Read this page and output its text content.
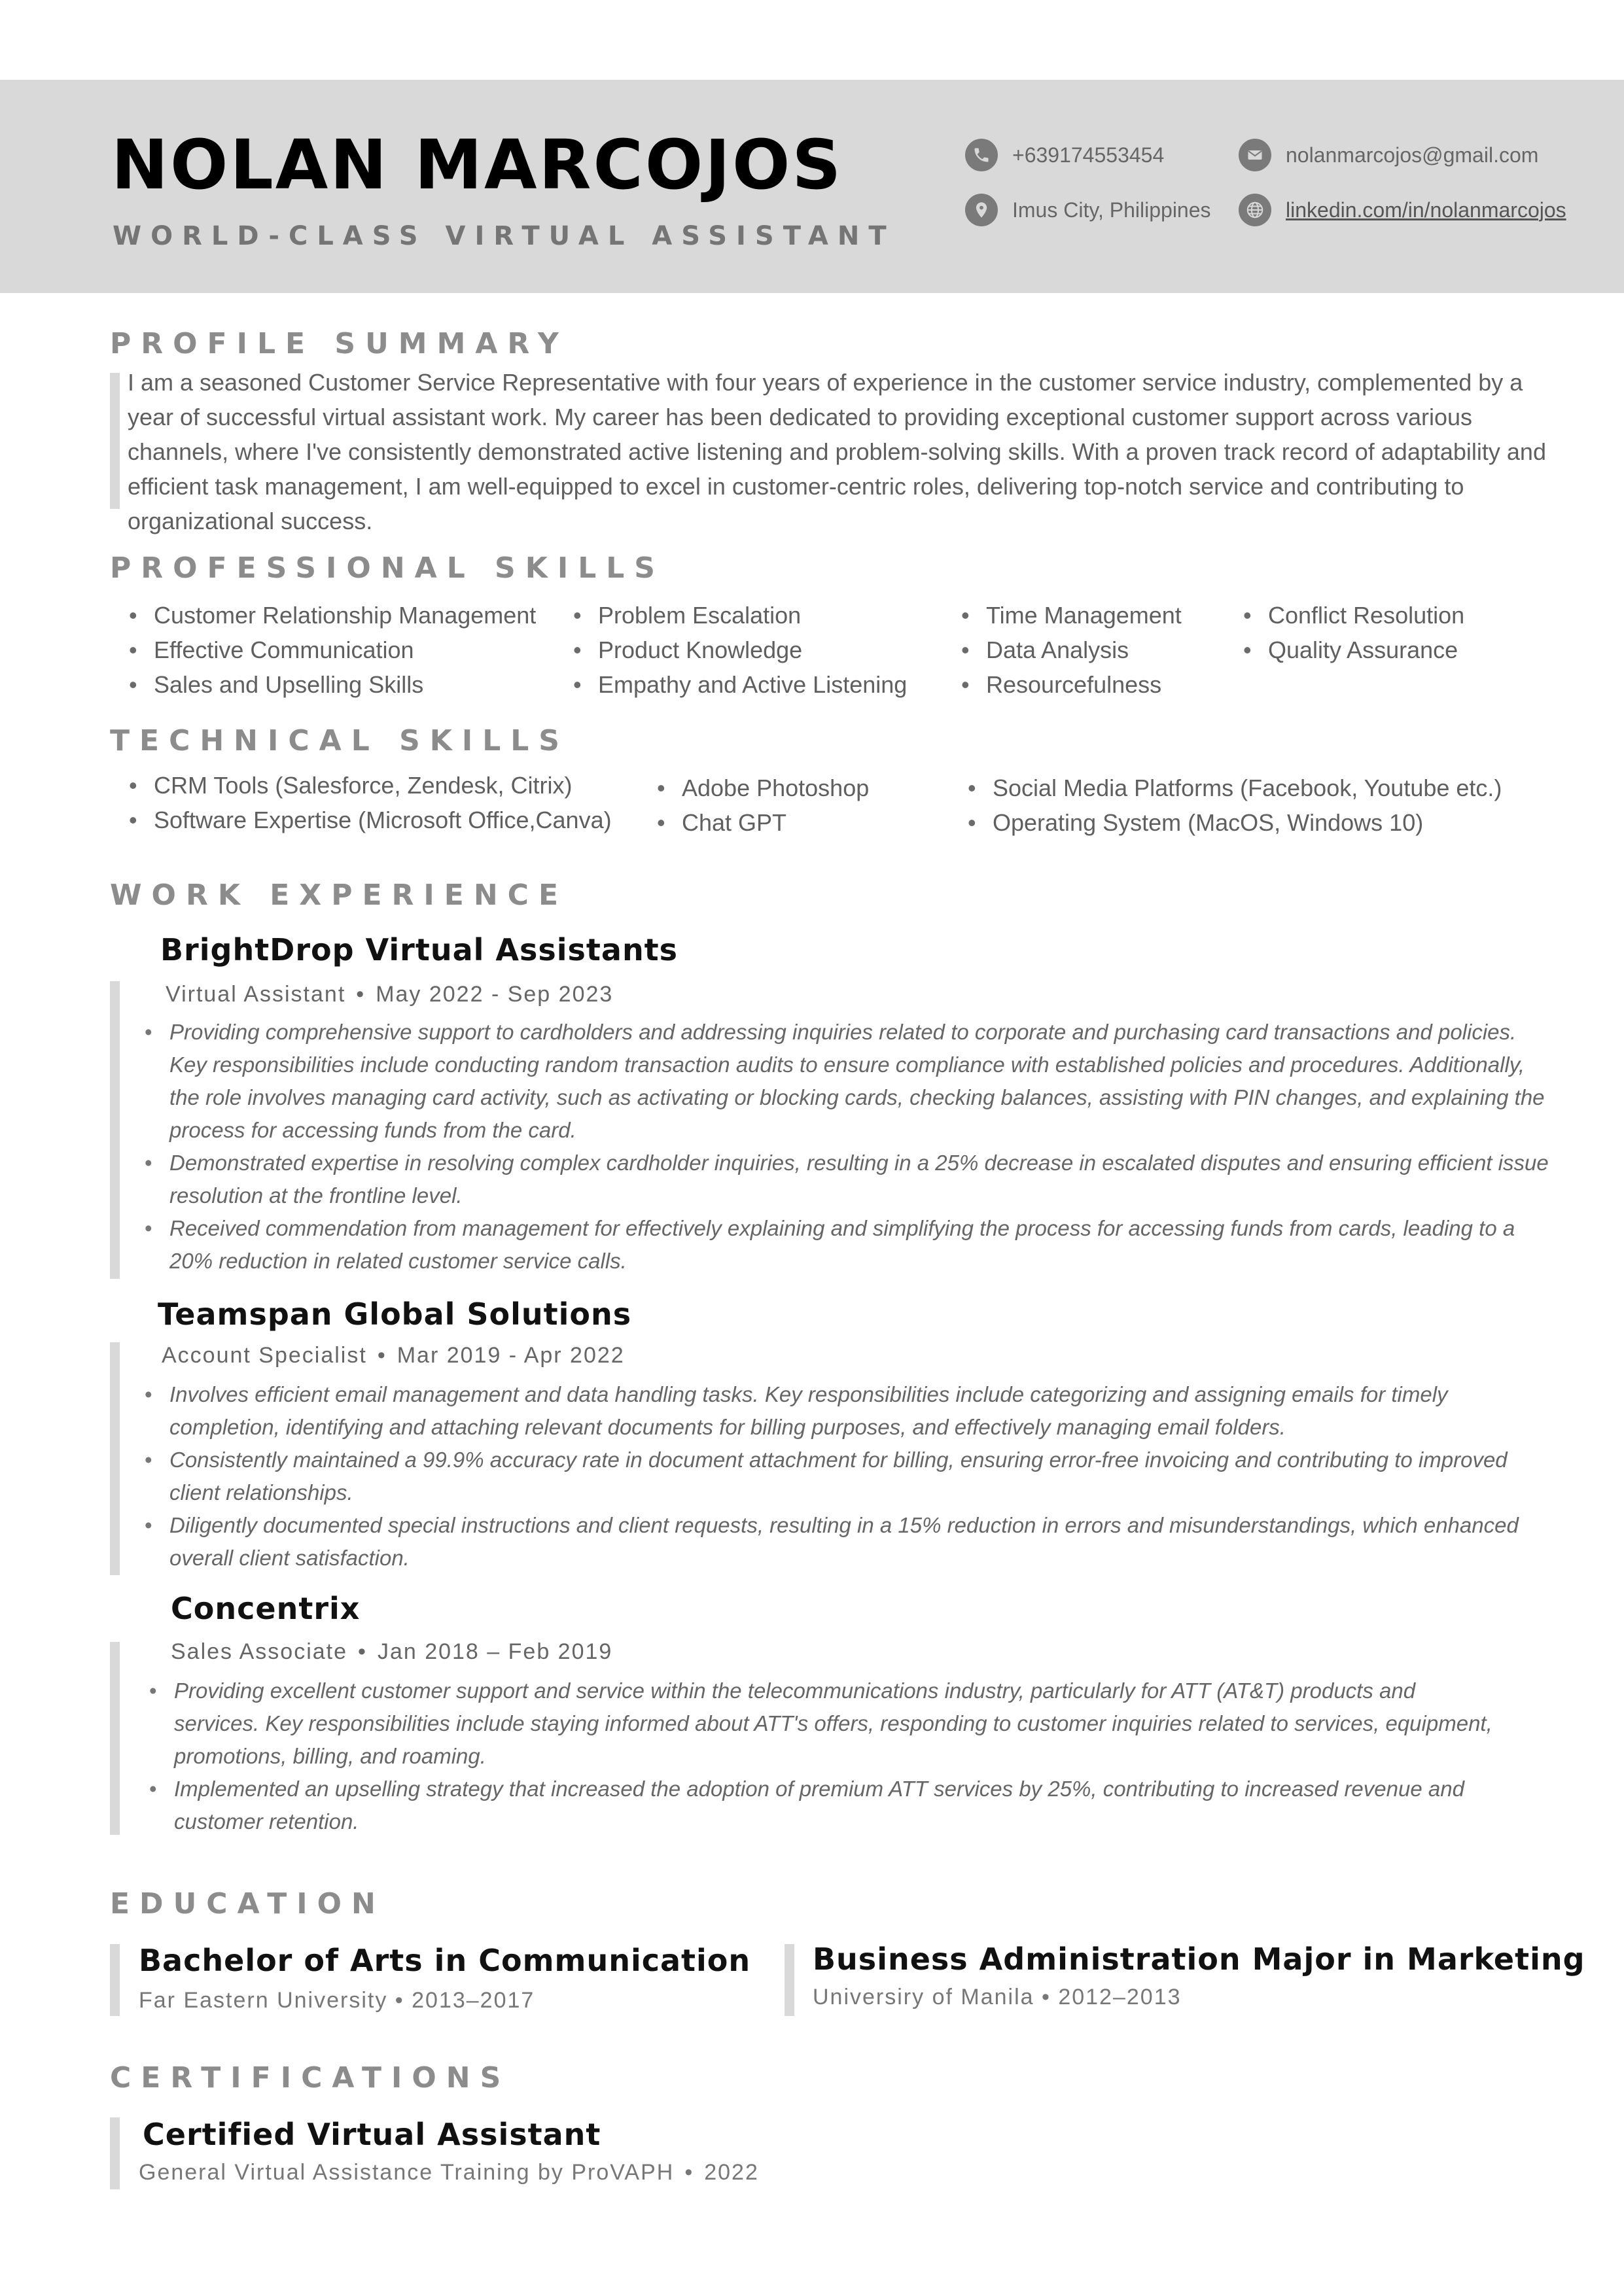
NOLAN MARCOJOS
WORLD-CLASS VIRTUAL ASSISTANT
+639174553454	nolanmarcojos@gmail.com
Imus City, Philippines	linkedin.com/in/nolanmarcojos
PROFILE SUMMARY

I am a seasoned Customer Service Representative with four years of experience in the customer service industry, complemented by a year of successful virtual assistant work. My career has been dedicated to providing exceptional customer support across various channels, where I've consistently demonstrated active listening and problem-solving skills. With a proven track record of adaptability and efficient task management, I am well-equipped to excel in customer-centric roles, delivering top-notch service and contributing to organizational success.

PROFESSIONAL SKILLS
• Customer Relationship Management
• Effective Communication
• Sales and Upselling Skills
• Problem Escalation
• Product Knowledge
• Empathy and Active Listening
• Time Management
• Data Analysis
• Resourcefulness
• Conflict Resolution
• Quality Assurance
TECHNICAL SKILLS
• CRM Tools (Salesforce, Zendesk, Citrix)
• Software Expertise (Microsoft Office,Canva)
• Adobe Photoshop
• Chat GPT
• Social Media Platforms (Facebook, Youtube etc.)
• Operating System (MacOS, Windows 10)
WORK EXPERIENCE
BrightDrop Virtual Assistants
Virtual Assistant • May 2022 - Sep 2023
• Providing comprehensive support to cardholders and addressing inquiries related to corporate and purchasing card transactions and policies. Key responsibilities include conducting random transaction audits to ensure compliance with established policies and procedures. Additionally, the role involves managing card activity, such as activating or blocking cards, checking balances, assisting with PIN changes, and explaining the process for accessing funds from the card.
• Demonstrated expertise in resolving complex cardholder inquiries, resulting in a 25% decrease in escalated disputes and ensuring efficient issue resolution at the frontline level.
• Received commendation from management for effectively explaining and simplifying the process for accessing funds from cards, leading to a 20% reduction in related customer service calls.
Teamspan Global Solutions
Account Specialist • Mar 2019 - Apr 2022
• Involves efficient email management and data handling tasks. Key responsibilities include categorizing and assigning emails for timely completion, identifying and attaching relevant documents for billing purposes, and effectively managing email folders.
• Consistently maintained a 99.9% accuracy rate in document attachment for billing, ensuring error-free invoicing and contributing to improved client relationships.
• Diligently documented special instructions and client requests, resulting in a 15% reduction in errors and misunderstandings, which enhanced overall client satisfaction.
Concentrix
Sales Associate • Jan 2018 – Feb 2019
• Providing excellent customer support and service within the telecommunications industry, particularly for ATT (AT&T) products and services. Key responsibilities include staying informed about ATT's offers, responding to customer inquiries related to services, equipment, promotions, billing, and roaming.
• Implemented an upselling strategy that increased the adoption of premium ATT services by 25%, contributing to increased revenue and customer retention.
EDUCATION
Bachelor of Arts in Communication
Far Eastern University • 2013–2017
Business Administration Major in Marketing
Universiry of Manila • 2012–2013
CERTIFICATIONS
Certified Virtual Assistant
General Virtual Assistance Training by ProVAPH • 2022
